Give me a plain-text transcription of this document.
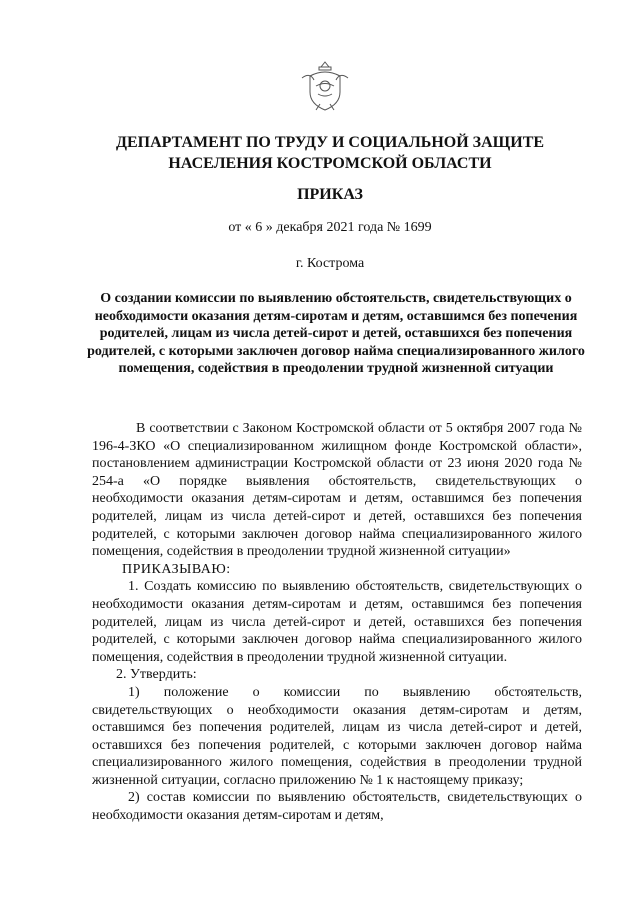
ДЕПАРТАМЕНТ ПО ТРУДУ И СОЦИАЛЬНОЙ ЗАЩИТЕ
НАСЕЛЕНИЯ КОСТРОМСКОЙ ОБЛАСТИ
ПРИКАЗ
от « 6 » декабря 2021 года № 1699
г. Кострома
О создании комиссии по выявлению обстоятельств, свидетельствующих о необходимости оказания детям-сиротам и детям, оставшимся без попечения родителей, лицам из числа детей-сирот и детей, оставшихся без попечения родителей, с которыми заключен договор найма специализированного жилого помещения, содействия в преодолении трудной жизненной ситуации

В соответствии с Законом Костромской области от 5 октября 2007 года № 196-4-ЗКО «О специализированном жилищном фонде Костромской области», постановлением администрации Костромской области от 23 июня 2020 года № 254-а «О порядке выявления обстоятельств, свидетельствующих о необходимости оказания детям-сиротам и детям, оставшимся без попечения родителей, лицам из числа детей-сирот и детей, оставшихся без попечения родителей, с которыми заключен договор найма специализированного жилого помещения, содействия в преодолении трудной жизненной ситуации»

ПРИКАЗЫВАЮ:

1. Создать комиссию по выявлению обстоятельств, свидетельствующих о необходимости оказания детям-сиротам и детям, оставшимся без попечения родителей, лицам из числа детей-сирот и детей, оставшихся без попечения родителей, с которыми заключен договор найма специализированного жилого помещения, содействия в преодолении трудной жизненной ситуации.

2. Утвердить:

1) положение о комиссии по выявлению обстоятельств, свидетельствующих о необходимости оказания детям-сиротам и детям, оставшимся без попечения родителей, лицам из числа детей-сирот и детей, оставшихся без попечения родителей, с которыми заключен договор найма специализированного жилого помещения, содействия в преодолении трудной жизненной ситуации, согласно приложению № 1 к настоящему приказу;

2) состав комиссии по выявлению обстоятельств, свидетельствующих о необходимости оказания детям-сиротам и детям,
